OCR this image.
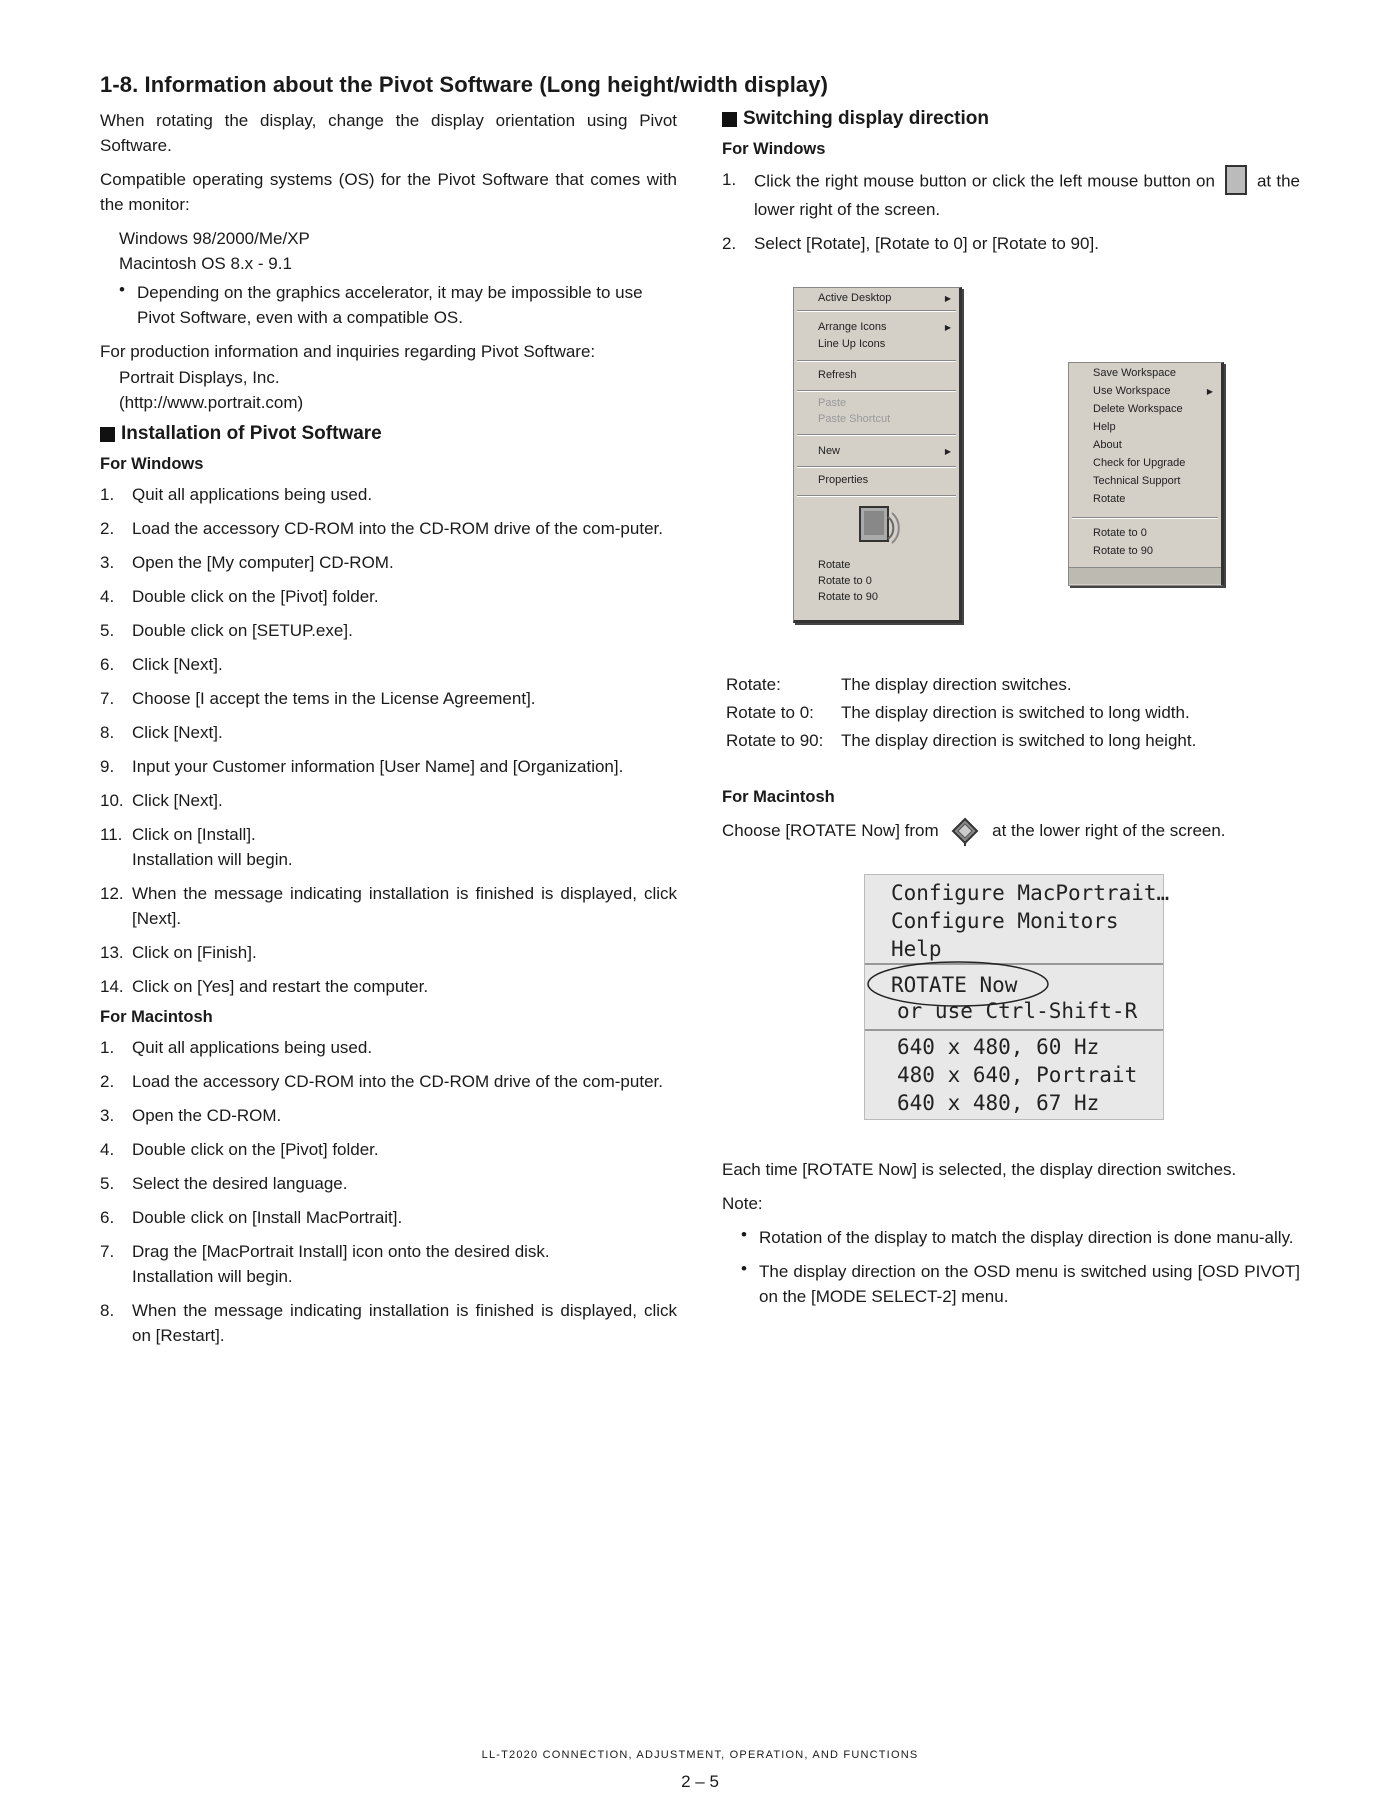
1-8. Information about the Pivot Software (Long height/width display)

When rotating the display, change the display orientation using Pivot Software.

Compatible operating systems (OS) for the Pivot Software that comes with the monitor:

Windows 98/2000/Me/XP

Macintosh OS 8.x - 9.1

• Depending on the graphics accelerator, it may be impossible to use Pivot Software, even with a compatible OS.

For production information and inquiries regarding Pivot Software:

Portrait Displays, Inc.

(http://www.portrait.com)

Installation of Pivot Software
For Windows
1.	Quit all applications being used.
2.	Load the accessory CD-ROM into the CD-ROM drive of the com-puter.
3.	Open the [My computer] CD-ROM.
4.	Double click on the [Pivot] folder.
5.	Double click on [SETUP.exe].
6.	Click [Next].
7.	Choose [I accept the tems in the License Agreement].
8.	Click [Next].
9.	Input your Customer information [User Name] and [Organization].
10. Click [Next].
11. Click on [Install].
Installation will begin.
12. When the message indicating installation is finished is displayed, click [Next].
13. Click on [Finish].
14. Click on [Yes] and restart the computer.
For Macintosh
1.	Quit all applications being used.
2.	Load the accessory CD-ROM into the CD-ROM drive of the com-puter.
3.	Open the CD-ROM.
4.	Double click on the [Pivot] folder.
5.	Select the desired language.
6.	Double click on [Install MacPortrait].
7.	Drag the [MacPortrait Install] icon onto the desired disk.
Installation will begin.
8.	When the message indicating installation is finished is displayed, click on [Restart].
Switching display direction
For Windows
1.	Click the right mouse button or click the left mouse button on at the lower right of the screen.
2.	Select [Rotate], [Rotate to 0] or [Rotate to 90].
Active Desktop	▶
Arrange Icons	▶
Line Up Icons
Refresh
Paste
Paste Shortcut
New	▶
Properties
Rotate
Rotate to 0
Rotate to 90
Save Workspace
Use Workspace	▶
Delete Workspace
Help
About
Check for Upgrade
Technical Support
Rotate
Rotate to 0
Rotate to 90
Rotate:	The display direction switches.
Rotate to 0:	The display direction is switched to long width.
Rotate to 90:	The display direction is switched to long height.
For Macintosh
Choose [ROTATE Now] from	at the lower right of the screen.
Configure MacPortrait…
Configure Monitors
Help
ROTATE Now
or use Ctrl-Shift-R
640 x 480, 60 Hz
480 x 640, Portrait
640 x 480, 67 Hz

Each time [ROTATE Now] is selected, the display direction switches.

Note:

• Rotation of the display to match the display direction is done manu-ally.

• The display direction on the OSD menu is switched using [OSD PIVOT] on the [MODE SELECT-2] menu.

LL-T2020 CONNECTION, ADJUSTMENT, OPERATION, AND FUNCTIONS
2 – 5
